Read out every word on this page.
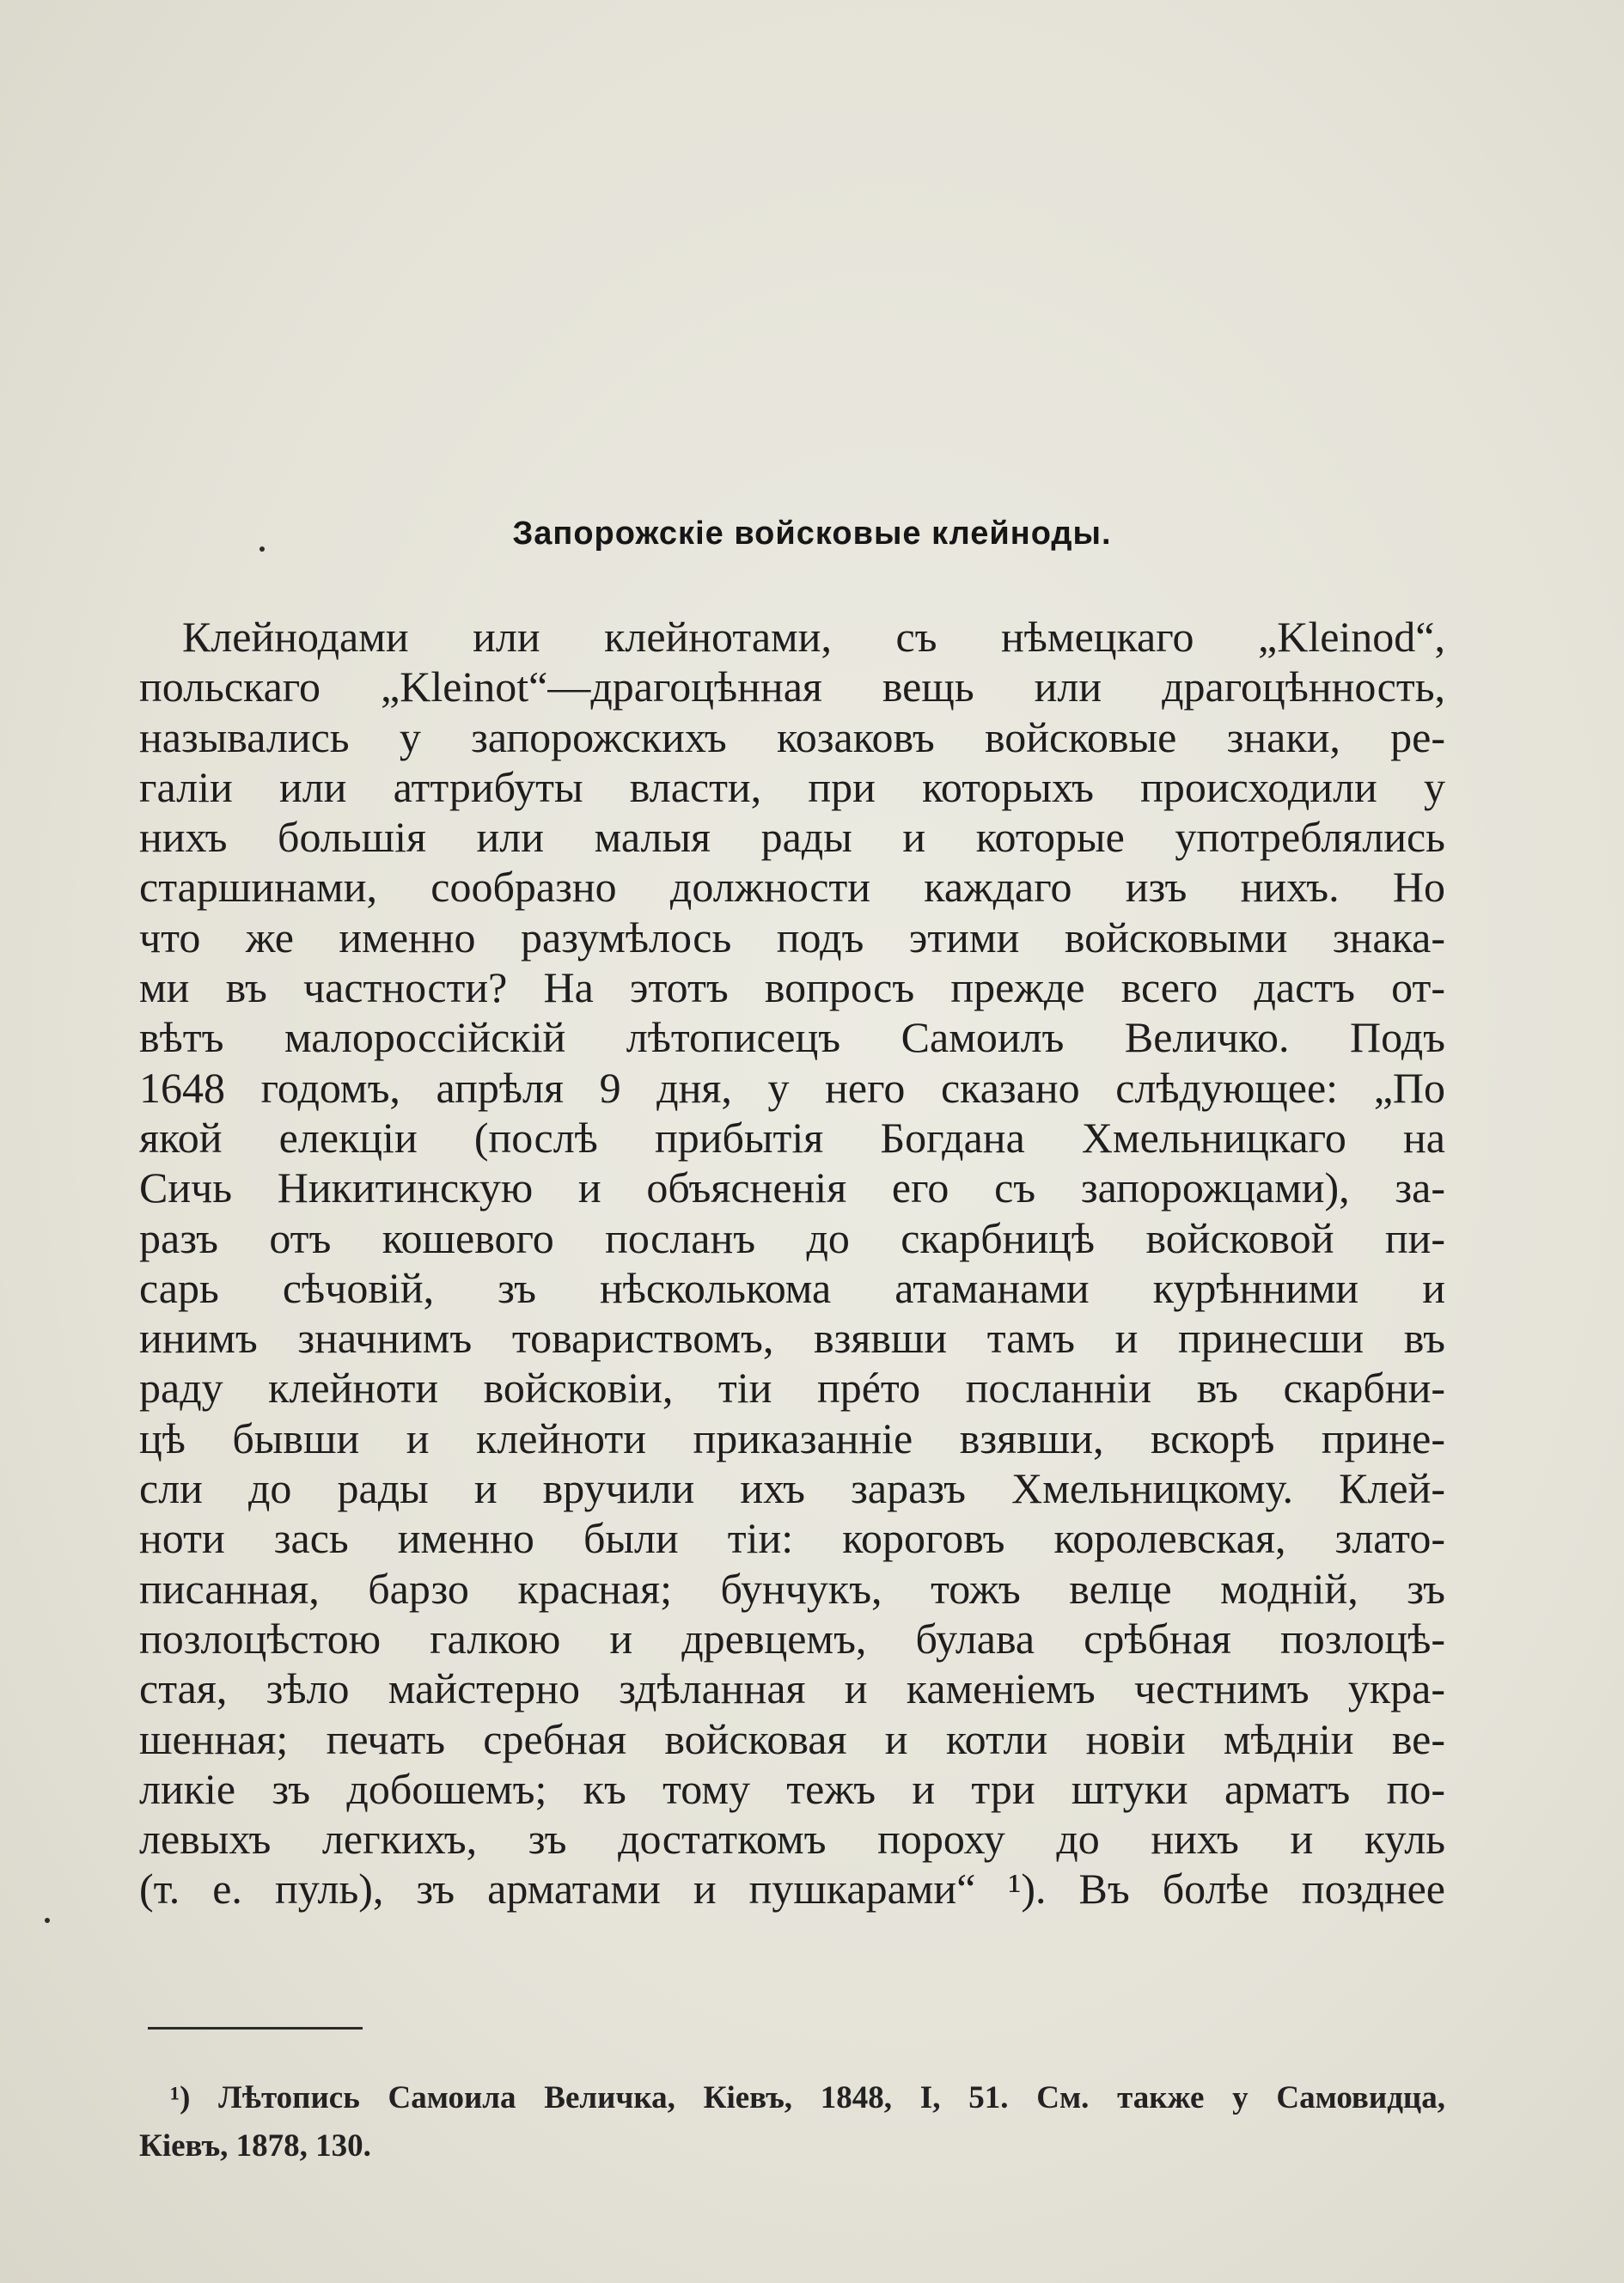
Запорожскіе войсковые клейноды.
Клейнодами или клейнотами, съ нѣмецкаго „Kleinod“,
польскаго „Kleinot“—драгоцѣнная вещь или драгоцѣнность,
назывались у запорожскихъ козаковъ войсковые знаки, ре-
галіи или аттрибуты власти, при которыхъ происходили у
нихъ большія или малыя рады и которые употреблялись
старшинами, сообразно должности каждаго изъ нихъ. Но
что же именно разумѣлось подъ этими войсковыми знака-
ми въ частности? На этотъ вопросъ прежде всего дастъ от-
вѣтъ малороссійскій лѣтописецъ Самоилъ Величко. Подъ
1648 годомъ, апрѣля 9 дня, у него сказано слѣдующее: „По
якой елекціи (послѣ прибытія Богдана Хмельницкаго на
Сичь Никитинскую и объясненія его съ запорожцами), за-
разъ отъ кошевого посланъ до скарбницѣ войсковой пи-
сарь сѣчовій, зъ нѣсколькома атаманами курѣнними и
инимъ значнимъ товариствомъ, взявши тамъ и принесши въ
раду клейноти войсковіи, тіи прéто посланніи въ скарбни-
цѣ бывши и клейноти приказанніе взявши, вскорѣ прине-
сли до рады и вручили ихъ заразъ Хмельницкому. Клей-
ноти зась именно были тіи: короговъ королевская, злато-
писанная, барзо красная; бунчукъ, тожъ велце моднiй, зъ
позлоцѣстою галкою и древцемъ, булава срѣбная позлоцѣ-
стая, зѣло майстерно здѣланная и каменіемъ честнимъ укра-
шенная; печать сребная войсковая и котли новіи мѣдніи ве-
ликіе зъ добошемъ; къ тому тежъ и три штуки арматъ по-
левыхъ легкихъ, зъ достаткомъ пороху до нихъ и куль
(т. е. пуль), зъ арматами и пушкарами“ ¹). Въ болѣе позднее
¹) Лѣтопись Самоила Величка, Кіевъ, 1848, I, 51. См. также у Самовидца,
Кіевъ, 1878, 130.
